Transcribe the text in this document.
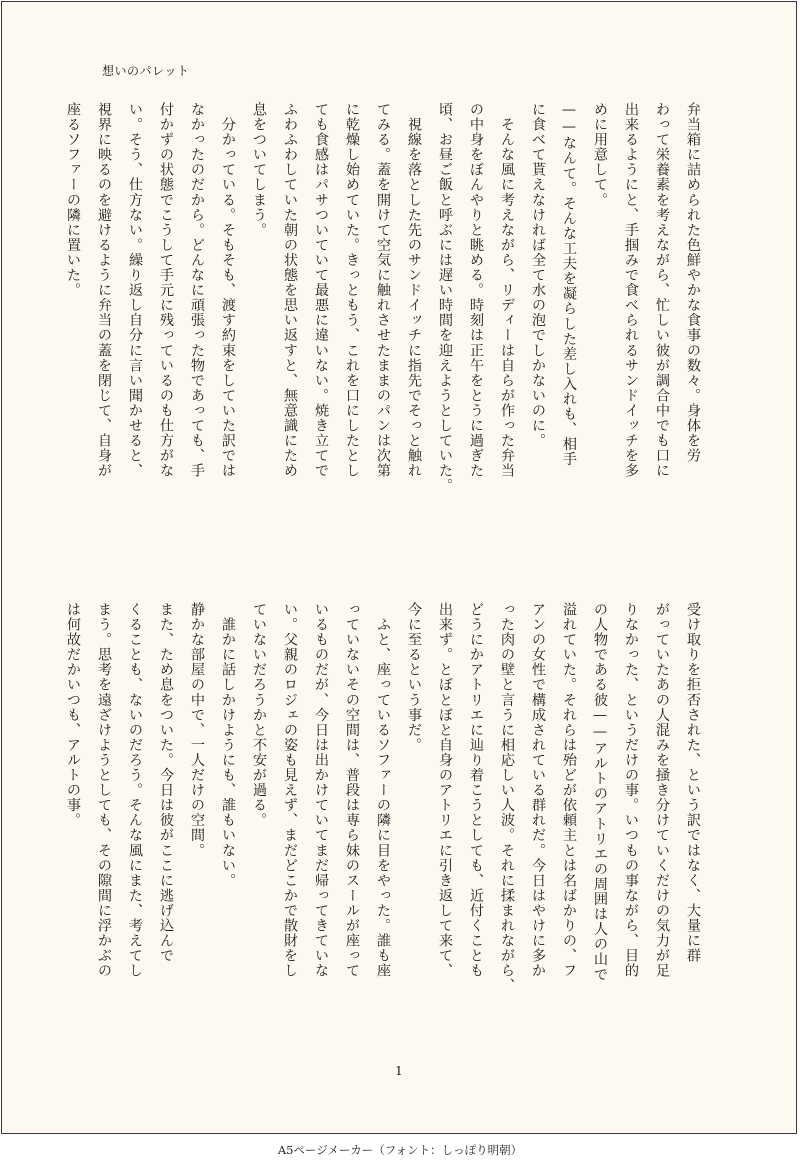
想いのパレット
弁当箱に詰められた色鮮やかな食事の数々。身体を労
わって栄養素を考えながら、忙しい彼が調合中でも口に
出来るようにと、手掴みで食べられるサンドイッチを多
めに用意して。
——なんて。そんな工夫を凝らした差し入れも、相手
に食べて貰えなければ全て水の泡でしかないのに。
　そんな風に考えながら、リディーは自らが作った弁当
の中身をぼんやりと眺める。時刻は正午をとうに過ぎた
頃、お昼ご飯と呼ぶには遅い時間を迎えようとしていた。
　視線を落とした先のサンドイッチに指先でそっと触れ
てみる。蓋を開けて空気に触れさせたままのパンは次第
に乾燥し始めていた。きっともう、これを口にしたとし
ても食感はパサついていて最悪に違いない。焼き立てで
ふわふわしていた朝の状態を思い返すと、無意識にため
息をついてしまう。
　分かっている。そもそも、渡す約束をしていた訳では
なかったのだから。どんなに頑張った物であっても、手
付かずの状態でこうして手元に残っているのも仕方がな
い。そう、仕方ない。繰り返し自分に言い聞かせると、
視界に映るのを避けるように弁当の蓋を閉じて、自身が
座るソファーの隣に置いた。
受け取りを拒否された、という訳ではなく、大量に群
がっていたあの人混みを掻き分けていくだけの気力が足
りなかった、というだけの事。いつもの事ながら、目的
の人物である彼——アルトのアトリエの周囲は人の山で
溢れていた。それらは殆どが依頼主とは名ばかりの、フ
アンの女性で構成されている群れだ。今日はやけに多か
った肉の壁と言うに相応しい人波。それに揉まれながら、
どうにかアトリエに辿り着こうとしても、近付くことも
出来ず。とぼとぼと自身のアトリエに引き返して来て、
今に至るという事だ。
　ふと、座っているソファーの隣に目をやった。誰も座
っていないその空間は、普段は専ら妹のスールが座って
いるものだが、今日は出かけていてまだ帰ってきていな
い。父親のロジェの姿も見えず、まだどこかで散財をし
ていないだろうかと不安が過る。
　誰かに話しかけようにも、誰もいない。
静かな部屋の中で、一人だけの空間。
また、ため息をついた。今日は彼がここに逃げ込んで
くることも、ないのだろう。そんな風にまた、考えてし
まう。思考を遠ざけようとしても、その隙間に浮かぶの
は何故だかいつも、アルトの事。
1
A5ページメーカー（フォント：しっぽり明朝）
